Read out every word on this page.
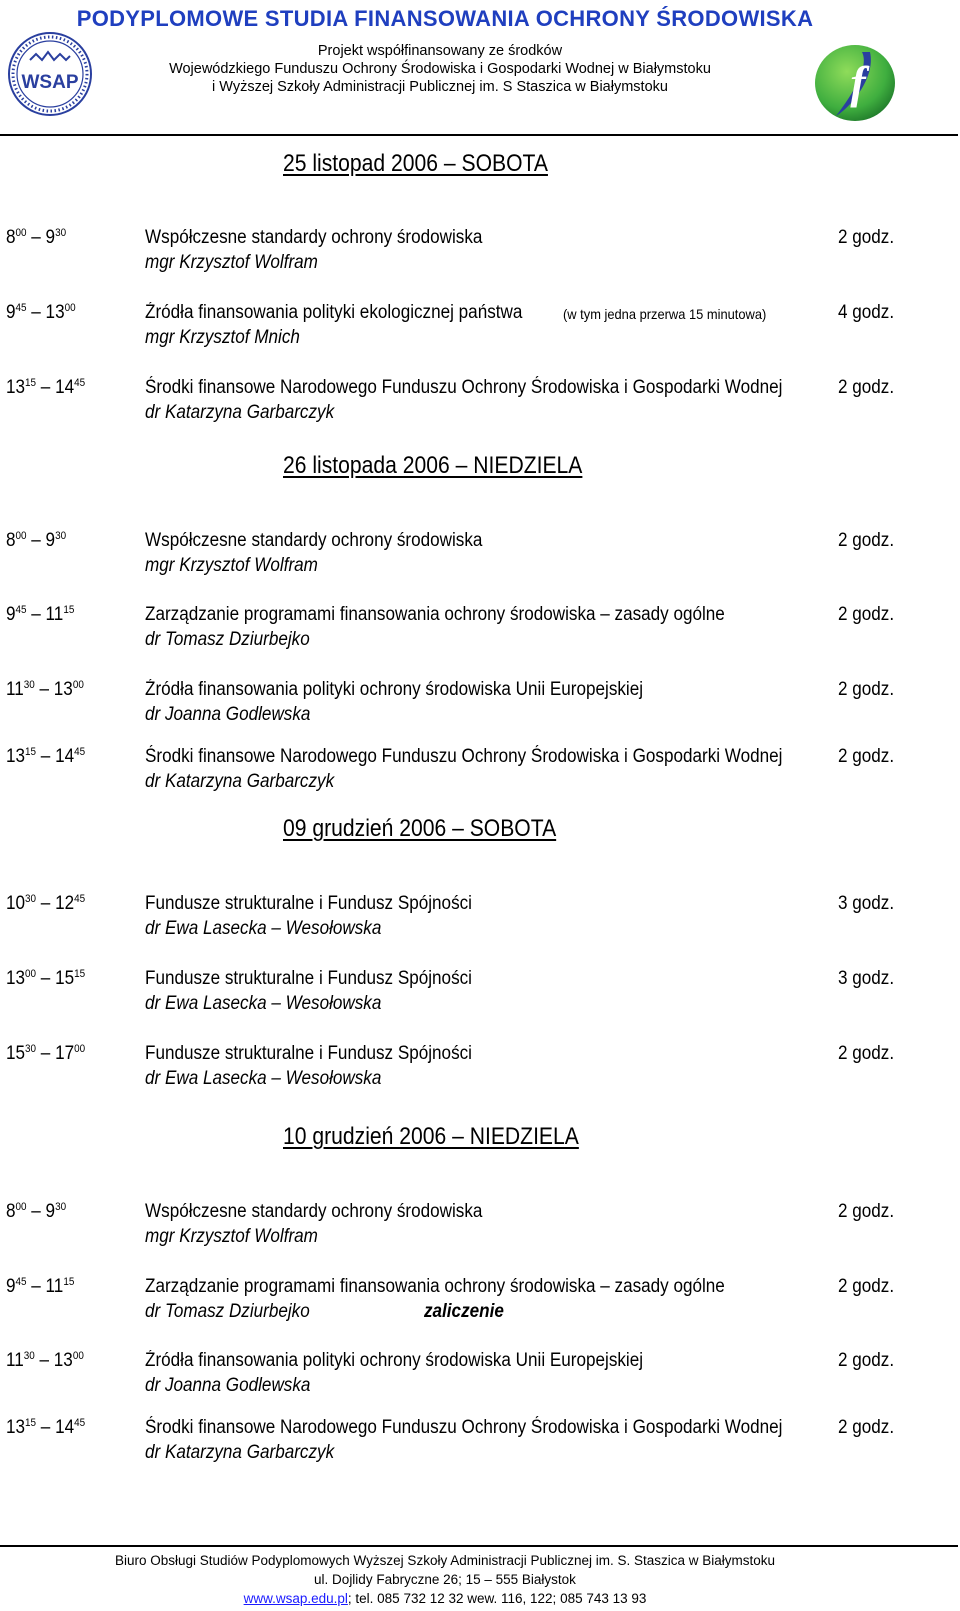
WSAP
PODYPLOMOWE STUDIA FINANSOWANIA OCHRONY ŚRODOWISKA
Projekt współfinansowany ze środków
Wojewódzkiego Funduszu Ochrony Środowiska i Gospodarki Wodnej w Białymstoku
i Wyższej Szkoły Administracji Publicznej im. S Staszica w Białymstoku	f
25 listopad 2006 – SOBOTA
$8^{00} - 9^{30}$	Współczesne standardy ochrony środowiska
mgr Krzysztof Wolfram
2 godz.
$9^{45} - 13^{00}$	Źródła finansowania polityki ekologicznej państwa	(w tym jedna przerwa 15 minutowa)
mgr Krzysztof Mnich
4 godz.
$13^{15} - 14^{45}$	Środki finansowe Narodowego Funduszu Ochrony Środowiska i Gospodarki Wodnej
dr Katarzyna Garbarczyk
2 godz.
26 listopada 2006 – NIEDZIELA
$8^{00} - 9^{30}$	Współczesne standardy ochrony środowiska
mgr Krzysztof Wolfram
2 godz.
$9^{45} - 11^{15}$	Zarządzanie programami finansowania ochrony środowiska – zasady ogólne
dr Tomasz Dziurbejko
2 godz.
$11^{30} - 13^{00}$	Źródła finansowania polityki ochrony środowiska Unii Europejskiej
dr Joanna Godlewska
2 godz.
$13^{15} - 14^{45}$	Środki finansowe Narodowego Funduszu Ochrony Środowiska i Gospodarki Wodnej
dr Katarzyna Garbarczyk
2 godz.
09 grudzień 2006 – SOBOTA
$10^{30} - 12^{45}$	Fundusze strukturalne i Fundusz Spójności
dr Ewa Lasecka – Wesołowska
3 godz.
$13^{00} - 15^{15}$	Fundusze strukturalne i Fundusz Spójności
dr Ewa Lasecka – Wesołowska
3 godz.
$15^{30} - 17^{00}$	Fundusze strukturalne i Fundusz Spójności
dr Ewa Lasecka – Wesołowska
2 godz.
10 grudzień 2006 – NIEDZIELA
$8^{00} - 9^{30}$	Współczesne standardy ochrony środowiska
mgr Krzysztof Wolfram
2 godz.
$9^{45} - 11^{15}$	Zarządzanie programami finansowania ochrony środowiska – zasady ogólne
dr Tomasz Dziurbejko	zaliczenie
2 godz.
$11^{30} - 13^{00}$	Źródła finansowania polityki ochrony środowiska Unii Europejskiej
dr Joanna Godlewska
2 godz.
$13^{15} - 14^{45}$	Środki finansowe Narodowego Funduszu Ochrony Środowiska i Gospodarki Wodnej
dr Katarzyna Garbarczyk
2 godz.
Biuro Obsługi Studiów Podyplomowych Wyższej Szkoły Administracji Publicznej im. S. Staszica w Białymstoku
ul. Dojlidy Fabryczne 26; 15 – 555 Białystok
www.wsap.edu.pl; tel. 085 732 12 32 wew. 116, 122; 085 743 13 93
